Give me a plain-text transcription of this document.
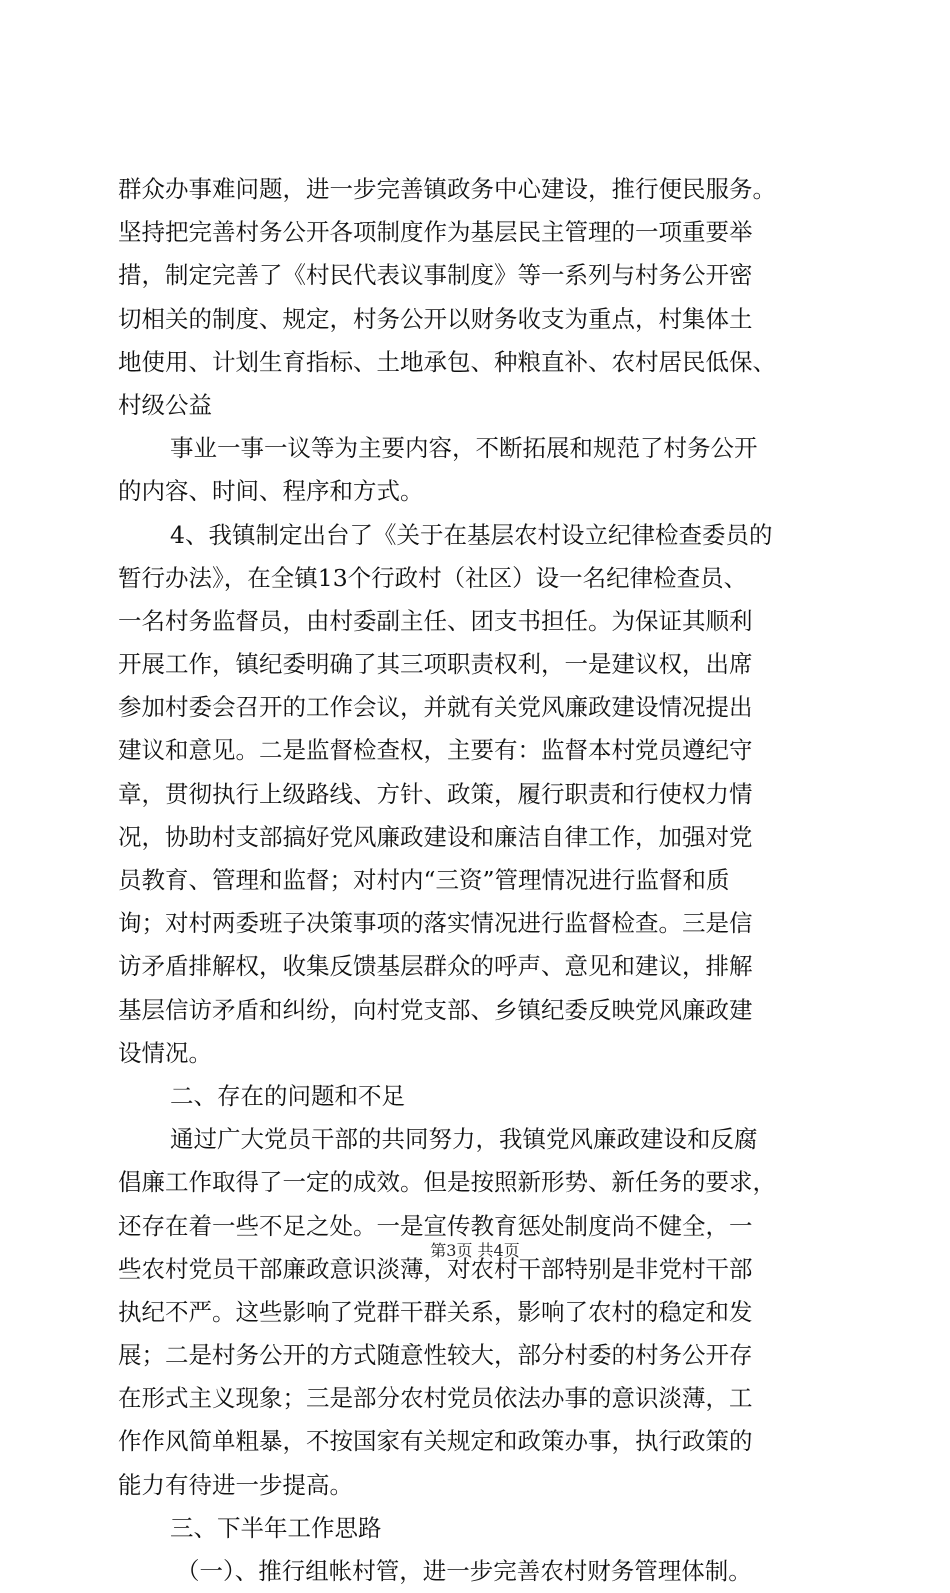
群众办事难问题，进一步完善镇政务中心建设，推行便民服务。

坚持把完善村务公开各项制度作为基层民主管理的一项重要举

措，制定完善了《村民代表议事制度》等一系列与村务公开密

切相关的制度、规定，村务公开以财务收支为重点，村集体土

地使用、计划生育指标、土地承包、种粮直补、农村居民低保、

村级公益

事业一事一议等为主要内容，不断拓展和规范了村务公开

的内容、时间、程序和方式。

4、我镇制定出台了《关于在基层农村设立纪律检查委员的

暂行办法》，在全镇13个行政村（社区）设一名纪律检查员、

一名村务监督员，由村委副主任、团支书担任。为保证其顺利

开展工作，镇纪委明确了其三项职责权利，一是建议权，出席

参加村委会召开的工作会议，并就有关党风廉政建设情况提出

建议和意见。二是监督检查权，主要有：监督本村党员遵纪守

章，贯彻执行上级路线、方针、政策，履行职责和行使权力情

况，协助村支部搞好党风廉政建设和廉洁自律工作，加强对党

员教育、管理和监督；对村内“三资”管理情况进行监督和质

询；对村两委班子决策事项的落实情况进行监督检查。三是信

访矛盾排解权，收集反馈基层群众的呼声、意见和建议，排解

基层信访矛盾和纠纷，向村党支部、乡镇纪委反映党风廉政建

设情况。

二、存在的问题和不足

通过广大党员干部的共同努力，我镇党风廉政建设和反腐

倡廉工作取得了一定的成效。但是按照新形势、新任务的要求，

还存在着一些不足之处。一是宣传教育惩处制度尚不健全，一

些农村党员干部廉政意识淡薄，对农村干部特别是非党村干部

执纪不严。这些影响了党群干群关系，影响了农村的稳定和发

展；二是村务公开的方式随意性较大，部分村委的村务公开存

在形式主义现象；三是部分农村党员依法办事的意识淡薄，工

作作风简单粗暴，不按国家有关规定和政策办事，执行政策的

能力有待进一步提高。

三、下半年工作思路

（一）、推行组帐村管，进一步完善农村财务管理体制。

第3页 共4页
